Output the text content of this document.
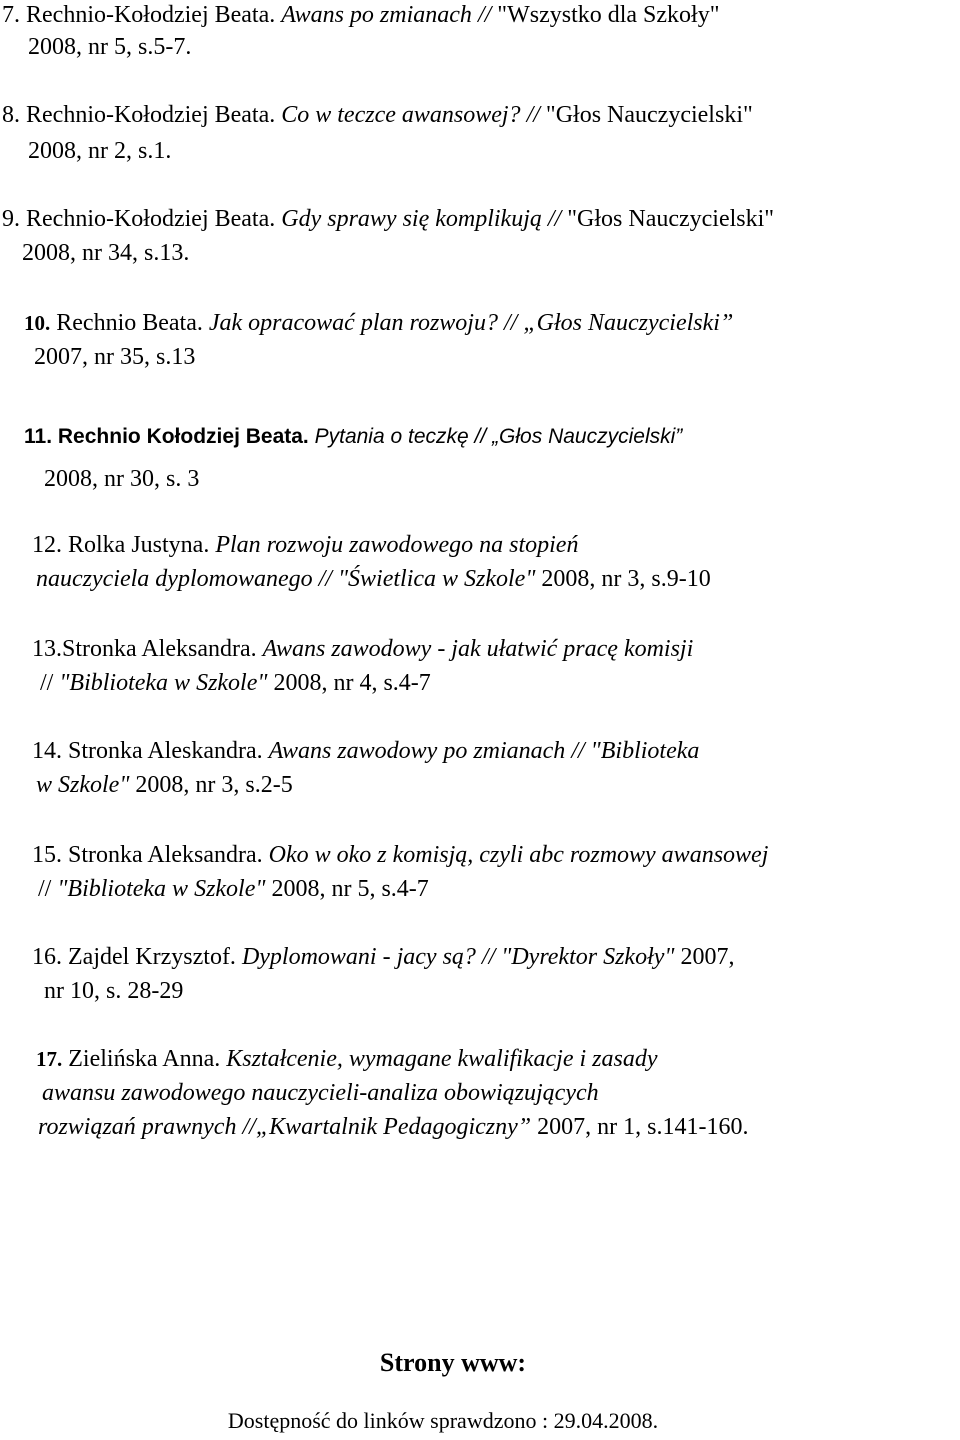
7. Rechnio-Kołodziej Beata. Awans po zmianach // "Wszystko dla Szkoły"
2008, nr 5, s.5-7.
8. Rechnio-Kołodziej Beata. Co w teczce awansowej? // "Głos Nauczycielski"
2008, nr 2, s.1.
9. Rechnio-Kołodziej Beata. Gdy sprawy się komplikują // "Głos Nauczycielski"
2008, nr 34, s.13.
10. Rechnio Beata. Jak opracować plan rozwoju? // „Głos Nauczycielski”
2007, nr 35, s.13
11. Rechnio Kołodziej Beata. Pytania o teczkę // „Głos Nauczycielski”
2008, nr 30, s. 3
12. Rolka Justyna. Plan rozwoju zawodowego na stopień
nauczyciela dyplomowanego // "Świetlica w Szkole" 2008, nr 3, s.9-10
13.Stronka Aleksandra. Awans zawodowy - jak ułatwić pracę komisji
// "Biblioteka w Szkole" 2008, nr 4, s.4-7
14. Stronka Aleskandra. Awans zawodowy po zmianach // "Biblioteka
w Szkole" 2008, nr 3, s.2-5
15. Stronka Aleksandra. Oko w oko z komisją, czyli abc rozmowy awansowej
// "Biblioteka w Szkole" 2008, nr 5, s.4-7
16. Zajdel Krzysztof. Dyplomowani - jacy są? // "Dyrektor Szkoły" 2007,
nr 10, s. 28-29
17. Zielińska Anna. Kształcenie, wymagane kwalifikacje i zasady
awansu zawodowego nauczycieli-analiza obowiązujących
rozwiązań prawnych //„Kwartalnik Pedagogiczny” 2007, nr 1, s.141-160.
Strony www:
Dostępność do linków sprawdzono : 29.04.2008.
